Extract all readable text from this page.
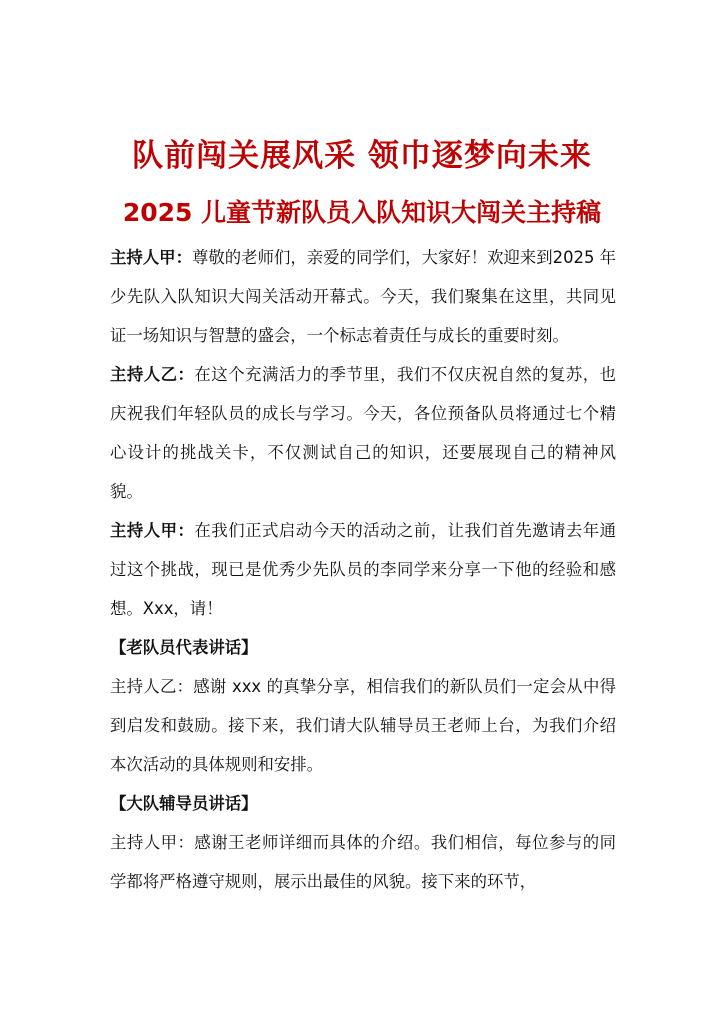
队前闯关展风采 领巾逐梦向未来
2025 儿童节新队员入队知识大闯关主持稿

主持人甲：尊敬的老师们，亲爱的同学们，大家好！欢迎来到2025 年少先队入队知识大闯关活动开幕式。今天，我们聚集在这里，共同见证一场知识与智慧的盛会，一个标志着责任与成长的重要时刻。

主持人乙：在这个充满活力的季节里，我们不仅庆祝自然的复苏，也庆祝我们年轻队员的成长与学习。今天，各位预备队员将通过七个精心设计的挑战关卡，不仅测试自己的知识，还要展现自己的精神风貌。

主持人甲：在我们正式启动今天的活动之前，让我们首先邀请去年通过这个挑战，现已是优秀少先队员的李同学来分享一下他的经验和感想。Xxx，请！

【老队员代表讲话】

主持人乙：感谢 xxx 的真挚分享，相信我们的新队员们一定会从中得到启发和鼓励。接下来，我们请大队辅导员王老师上台，为我们介绍本次活动的具体规则和安排。

【大队辅导员讲话】

主持人甲：感谢王老师详细而具体的介绍。我们相信，每位参与的同学都将严格遵守规则，展示出最佳的风貌。接下来的环节，
